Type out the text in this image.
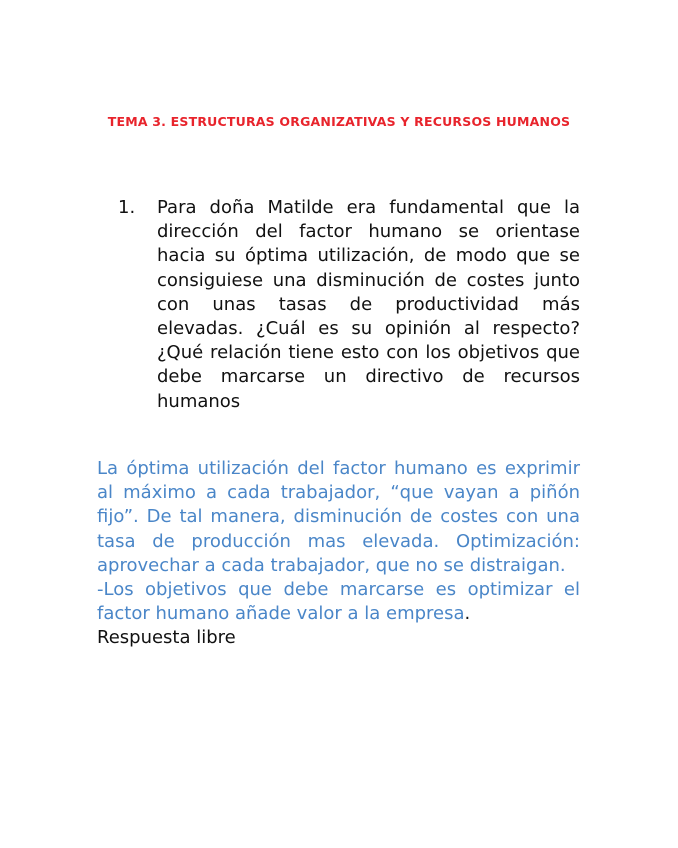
TEMA 3. ESTRUCTURAS ORGANIZATIVAS Y RECURSOS HUMANOS
1.	Para doña Matilde era fundamental que la dirección del factor humano se orientase hacia su óptima utilización, de modo que se consiguiese una disminución de costes junto con unas tasas de productividad más elevadas. ¿Cuál es su opinión al respecto? ¿Qué relación tiene esto con los objetivos que debe marcarse un directivo de recursos humanos

La óptima utilización del factor humano es exprimir al máximo a cada trabajador, “que vayan a piñón fijo”. De tal manera, disminución de costes con una tasa de producción mas elevada. Optimización: aprovechar a cada trabajador, que no se distraigan.

-Los objetivos que debe marcarse es optimizar el factor humano añade valor a la empresa.

Respuesta libre
